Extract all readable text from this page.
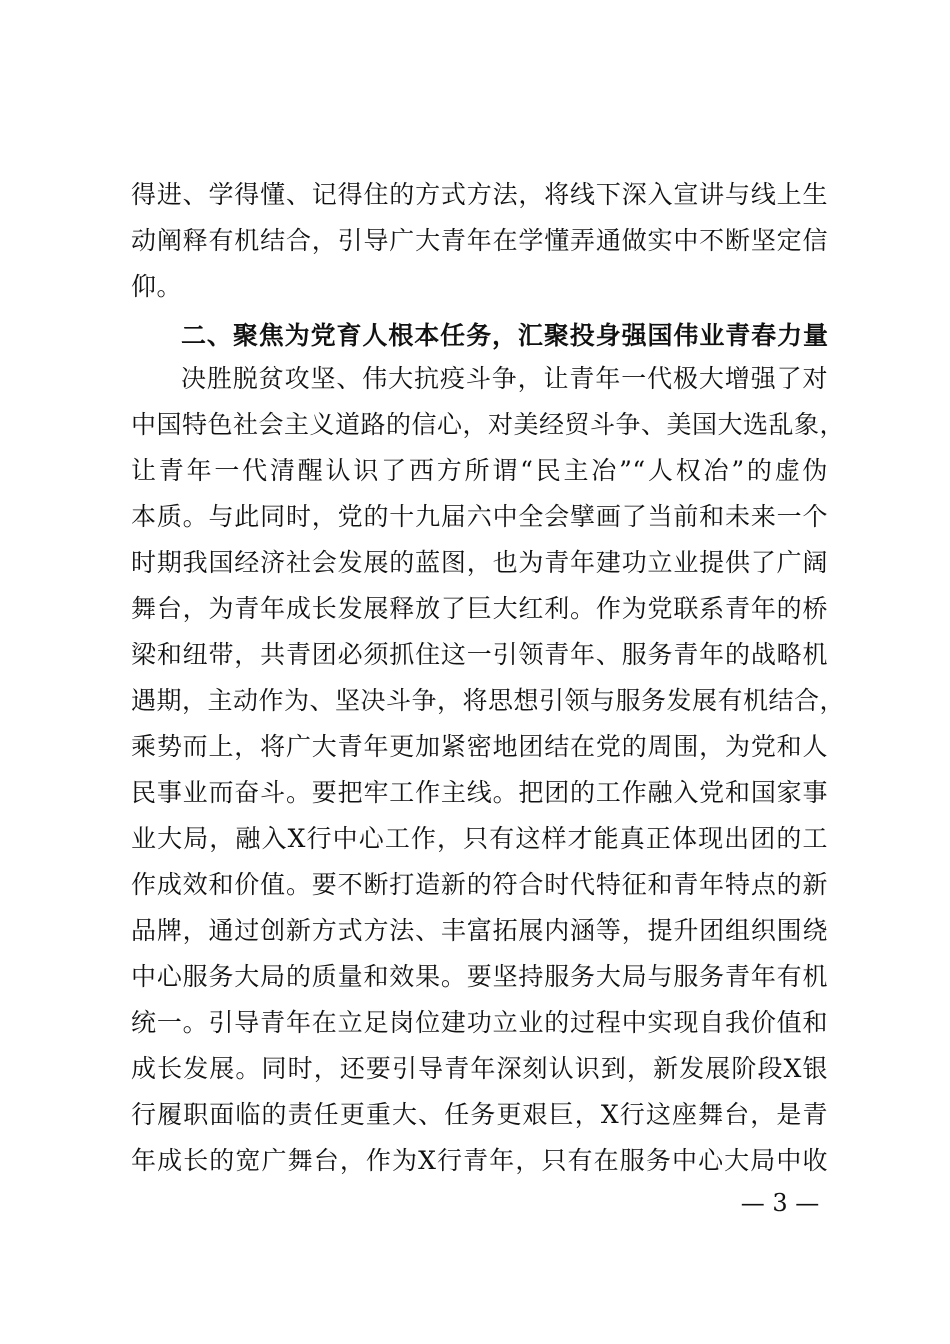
得进、学得懂、记得住的方式方法，将线下深入宣讲与线上生
动阐释有机结合，引导广大青年在学懂弄通做实中不断坚定信
仰。
二、聚焦为党育人根本任务，汇聚投身强国伟业青春力量
决胜脱贫攻坚、伟大抗疫斗争，让青年一代极大增强了对
中国特色社会主义道路的信心，对美经贸斗争、美国大选乱象，
让青年一代清醒认识了西方所谓“民主冶”“人权冶”的虚伪
本质。与此同时，党的十九届六中全会擘画了当前和未来一个
时期我国经济社会发展的蓝图，也为青年建功立业提供了广阔
舞台，为青年成长发展释放了巨大红利。作为党联系青年的桥
梁和纽带，共青团必须抓住这一引领青年、服务青年的战略机
遇期，主动作为、坚决斗争，将思想引领与服务发展有机结合，
乘势而上，将广大青年更加紧密地团结在党的周围，为党和人
民事业而奋斗。要把牢工作主线。把团的工作融入党和国家事
业大局，融入X行中心工作，只有这样才能真正体现出团的工
作成效和价值。要不断打造新的符合时代特征和青年特点的新
品牌，通过创新方式方法、丰富拓展内涵等，提升团组织围绕
中心服务大局的质量和效果。要坚持服务大局与服务青年有机
统一。引导青年在立足岗位建功立业的过程中实现自我价值和
成长发展。同时，还要引导青年深刻认识到，新发展阶段X银
行履职面临的责任更重大、任务更艰巨，X行这座舞台，是青
年成长的宽广舞台，作为X行青年，只有在服务中心大局中收
— 3 —
